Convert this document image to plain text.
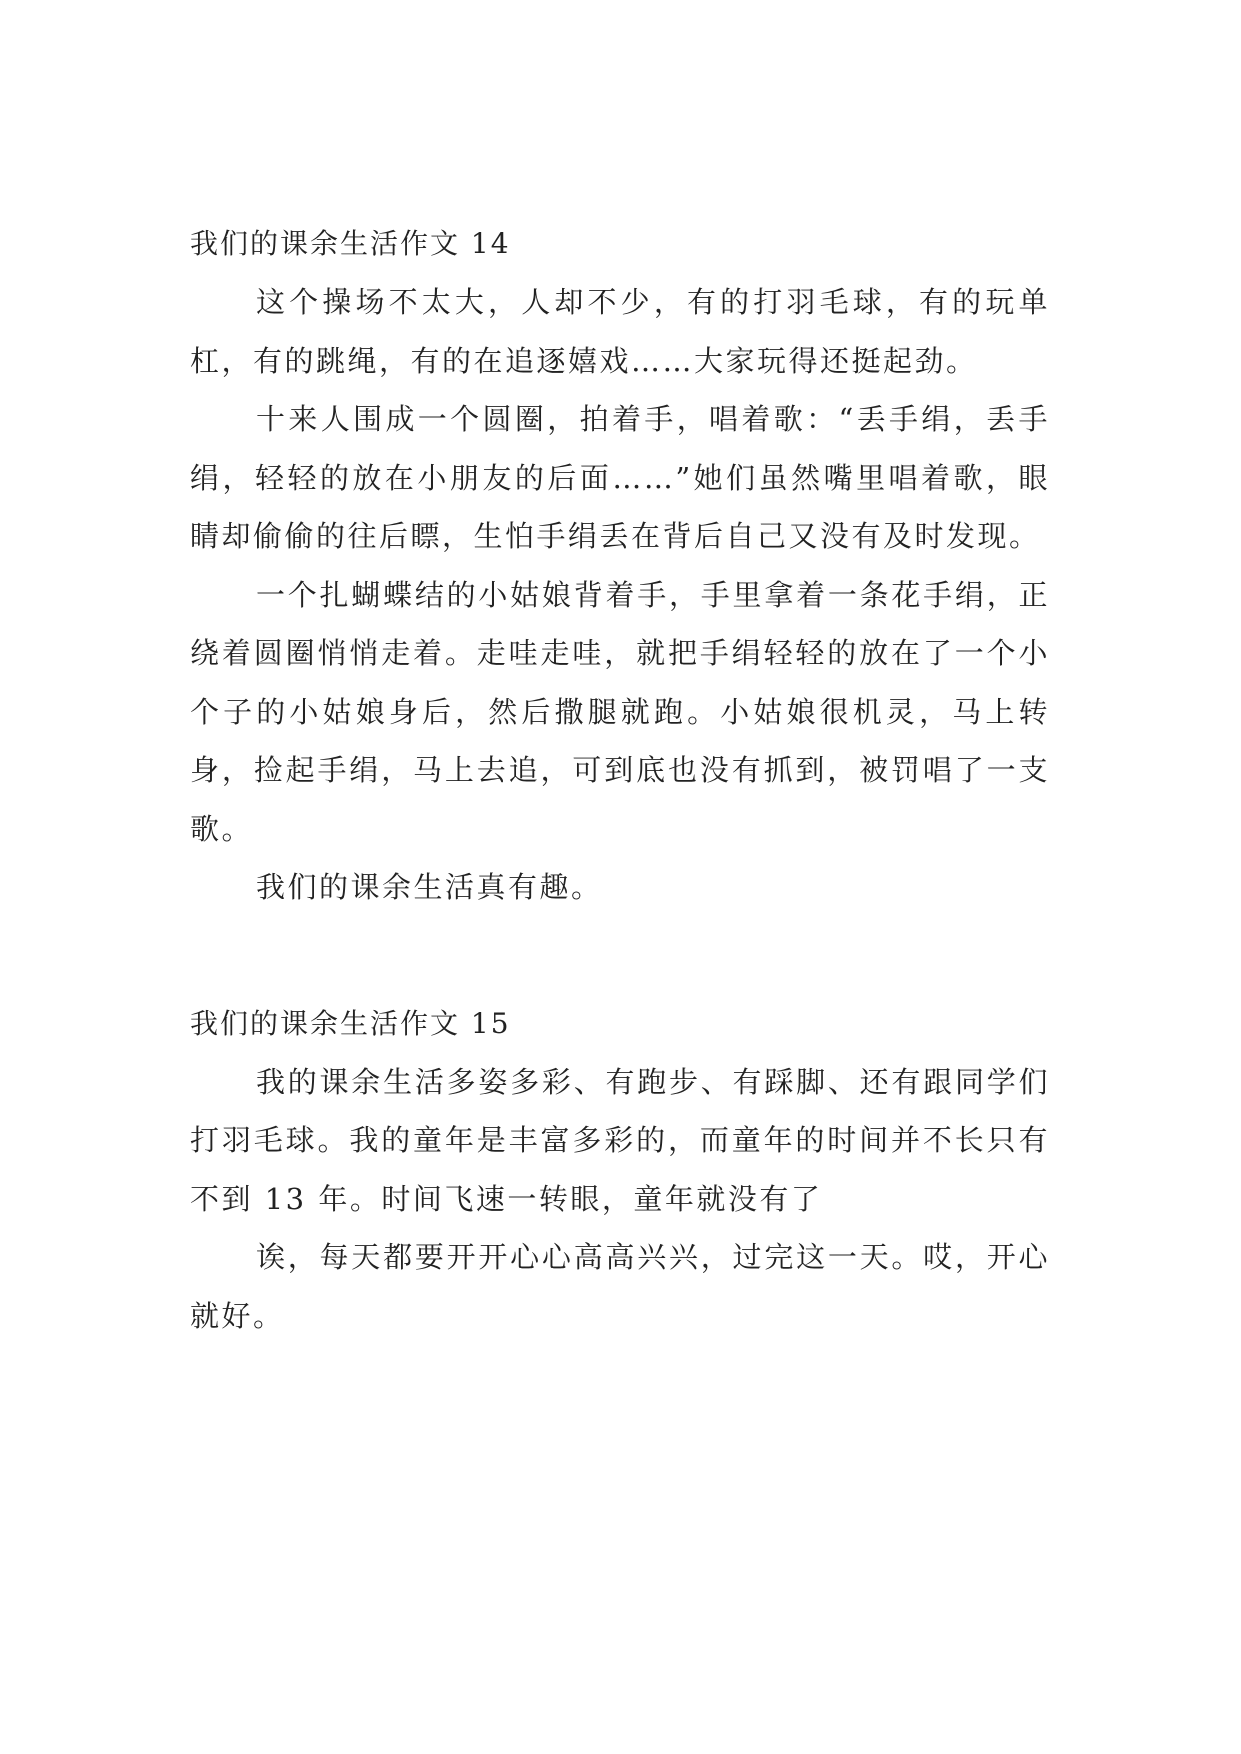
我们的课余生活作文 14

这个操场不太大，人却不少，有的打羽毛球，有的玩单杠，有的跳绳，有的在追逐嬉戏……大家玩得还挺起劲。

十来人围成一个圆圈，拍着手，唱着歌：“丢手绢，丢手绢，轻轻的放在小朋友的后面……”她们虽然嘴里唱着歌，眼睛却偷偷的往后瞟，生怕手绢丢在背后自己又没有及时发现。

一个扎蝴蝶结的小姑娘背着手，手里拿着一条花手绢，正绕着圆圈悄悄走着。走哇走哇，就把手绢轻轻的放在了一个小个子的小姑娘身后，然后撒腿就跑。小姑娘很机灵，马上转身，捡起手绢，马上去追，可到底也没有抓到，被罚唱了一支歌。

我们的课余生活真有趣。

我们的课余生活作文 15

我的课余生活多姿多彩、有跑步、有踩脚、还有跟同学们打羽毛球。我的童年是丰富多彩的，而童年的时间并不长只有不到 13 年。时间飞速一转眼，童年就没有了

诶，每天都要开开心心高高兴兴，过完这一天。哎，开心就好。
